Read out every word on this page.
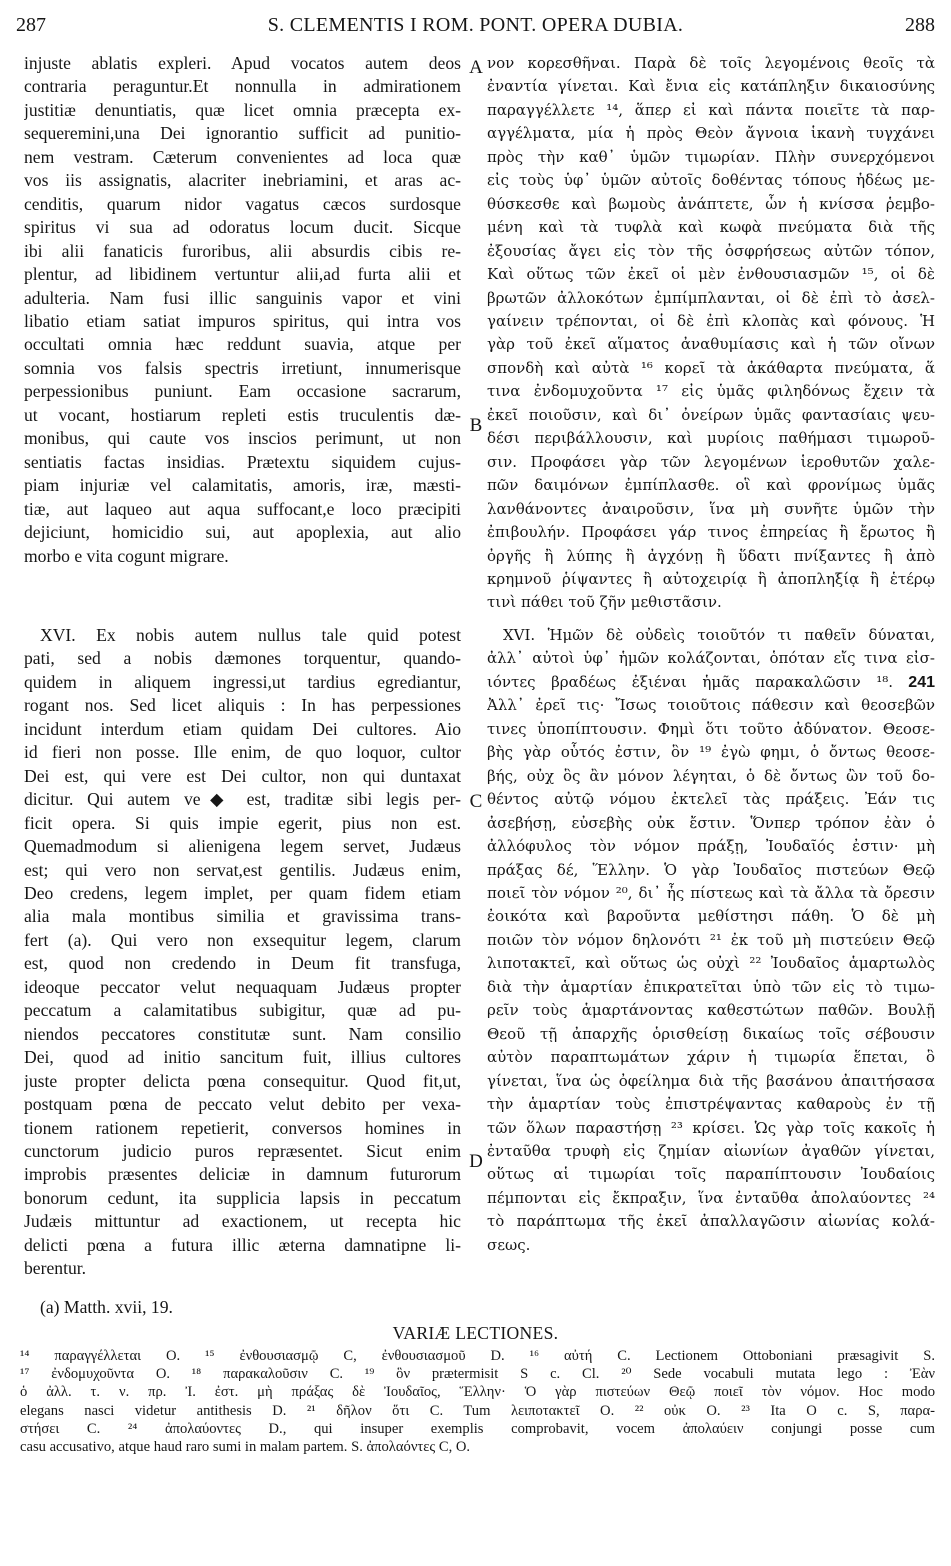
287	S. CLEMENTIS I ROM. PONT. OPERA DUBIA.	288
injuste ablatis expleri. Apud vocatos autem deos
contraria peraguntur.Et nonnulla in admirationem
justitiæ denuntiatis, quæ licet omnia præcepta ex-
sequeremini,una Dei ignorantio sufficit ad punitio-
nem vestram. Cæterum convenientes ad loca quæ
vos iis assignatis, alacriter inebriamini, et aras ac-
cenditis, quarum nidor vagatus cæcos surdosque
spiritus vi sua ad odoratus locum ducit. Sicque
ibi alii fanaticis furoribus, alii absurdis cibis re-
plentur, ad libidinem vertuntur alii,ad furta alii et
adulteria. Nam fusi illic sanguinis vapor et vini
libatio etiam satiat impuros spiritus, qui intra vos
occultati omnia hæc reddunt suavia, atque per
somnia vos falsis spectris irretiunt, innumerisque
perpessionibus puniunt. Eam occasione sacrarum,
ut vocant, hostiarum repleti estis truculentis dæ-
monibus, qui caute vos inscios perimunt, ut non
sentiatis factas insidias. Prætextu siquidem cujus-
piam injuriæ vel calamitatis, amoris, iræ, mæsti-
tiæ, aut laqueo aut aqua suffocant,e loco præcipiti
dejiciunt, homicidio sui, aut apoplexia, aut alio
morbo e vita cogunt migrare.
νον κορεσθῆναι. Παρὰ δὲ τοῖς λεγομένοις θεοῖς τὰ
ἐναντία γίνεται. Καὶ ἔνια εἰς κατάπληξιν δικαιοσύνης
παραγγέλλετε ¹⁴, ἅπερ εἰ καὶ πάντα ποιεῖτε τὰ παρ-
αγγέλματα, μία ἡ πρὸς Θεὸν ἄγνοια ἱκανὴ τυγχάνει
πρὸς τὴν καθ᾽ ὑμῶν τιμωρίαν. Πλὴν συνερχόμενοι
εἰς τοὺς ὑφ᾽ ὑμῶν αὐτοῖς δοθέντας τόπους ἡδέως με-
θύσκεσθε καὶ βωμοὺς ἀνάπτετε, ὧν ἡ κνίσσα ῥεμβο-
μένη καὶ τὰ τυφλὰ καὶ κωφὰ πνεύματα διὰ τῆς
ἐξουσίας ἄγει εἰς τὸν τῆς ὀσφρήσεως αὐτῶν τόπον,
Καὶ οὕτως τῶν ἐκεῖ οἱ μὲν ἐνθουσιασμῶν ¹⁵, οἱ δὲ
βρωτῶν ἀλλοκότων ἐμπίμπλανται, οἱ δὲ ἐπὶ τὸ ἀσελ-
γαίνειν τρέπονται, οἱ δὲ ἐπὶ κλοπὰς καὶ φόνους. Ἡ
γὰρ τοῦ ἐκεῖ αἵματος ἀναθυμίασις καὶ ἡ τῶν οἴνων
σπονδὴ καὶ αὐτὰ ¹⁶ κορεῖ τὰ ἀκάθαρτα πνεύματα, ἅ
τινα ἐνδομυχοῦντα ¹⁷ εἰς ὑμᾶς φιληδόνως ἔχειν τὰ
ἐκεῖ ποιοῦσιν, καὶ δι᾽ ὀνείρων ὑμᾶς φαντασίαις ψευ-
δέσι περιβάλλουσιν, καὶ μυρίοις παθήμασι τιμωροῦ-
σιν. Προφάσει γὰρ τῶν λεγομένων ἱεροθυτῶν χαλε-
πῶν δαιμόνων ἐμπίπλασθε. οἳ καὶ φρονίμως ὑμᾶς
λανθάνοντες ἀναιροῦσιν, ἵνα μὴ συνῆτε ὑμῶν τὴν
ἐπιβουλήν. Προφάσει γάρ τινος ἐπηρείας ἢ ἔρωτος ἢ
ὀργῆς ἢ λύπης ἢ ἀγχόνῃ ἢ ὕδατι πνίξαντες ἢ ἀπὸ
κρημνοῦ ῥίψαντες ἢ αὐτοχειρίᾳ ἢ ἀποπληξίᾳ ἢ ἑτέρῳ
τινὶ πάθει τοῦ ζῆν μεθιστᾶσιν.
XVI. Ex nobis autem nullus tale quid potest
pati, sed a nobis dæmones torquentur, quando-
quidem in aliquem ingressi,ut tardius egrediantur,
rogant nos. Sed licet aliquis : In has perpessiones
incidunt interdum etiam quidam Dei cultores. Aio
id fieri non posse. Ille enim, de quo loquor, cultor
Dei est, qui vere est Dei cultor, non qui duntaxat
dicitur. Qui autem ve◆ est, traditæ sibi legis per-
ficit opera. Si quis impie egerit, pius non est.
Quemadmodum si alienigena legem servet, Judæus
est; qui vero non servat,est gentilis. Judæus enim,
Deo credens, legem implet, per quam fidem etiam
alia mala montibus similia et gravissima trans-
fert (a). Qui vero non exsequitur legem, clarum
est, quod non credendo in Deum fit transfuga,
ideoque peccator velut nequaquam Judæus propter
peccatum a calamitatibus subigitur, quæ ad pu-
niendos peccatores constitutæ sunt. Nam consilio
Dei, quod ad initio sancitum fuit, illius cultores
juste propter delicta pœna consequitur. Quod fit,ut,
postquam pœna de peccato velut debito per vexa-
tionem rationem repetierit, conversos homines in
cunctorum judicio puros repræsentet. Sicut enim
improbis præsentes deliciæ in damnum futurorum
bonorum cedunt, ita supplicia lapsis in peccatum
Judæis mittuntur ad exactionem, ut recepta hic
delicti pœna a futura illic æterna damnatipne li-
berentur.
XVI. Ἡμῶν δὲ οὐδεὶς τοιοῦτόν τι παθεῖν δύναται,
ἀλλ᾽ αὐτοὶ ὑφ᾽ ἡμῶν κολάζονται, ὁπόταν εἴς τινα εἰσ-
ιόντες βραδέως ἐξιέναι ἡμᾶς παρακαλῶσιν ¹⁸. 241
Ἀλλ᾽ ἐρεῖ τις· Ἴσως τοιοῦτοις πάθεσιν καὶ θεοσεβῶν
τινες ὑποπίπτουσιν. Φημὶ ὅτι τοῦτο ἀδύνατον. Θεοσε-
βὴς γὰρ οὗτός ἐστιν, ὃν ¹⁹ ἐγὼ φημι, ὁ ὄντως θεοσε-
βής, οὐχ ὃς ἂν μόνον λέγηται, ὁ δὲ ὄντως ὢν τοῦ δο-
θέντος αὐτῷ νόμου ἐκτελεῖ τὰς πράξεις. Ἐάν τις
ἀσεβήσῃ, εὐσεβὴς οὐκ ἔστιν. Ὅνπερ τρόπον ἐὰν ὁ
ἀλλόφυλος τὸν νόμον πράξῃ, Ἰουδαῖός ἐστιν· μὴ
πράξας δέ, Ἕλλην. Ὁ γὰρ Ἰουδαῖος πιστεύων Θεῷ
ποιεῖ τὸν νόμον ²⁰, δι᾽ ἧς πίστεως καὶ τὰ ἄλλα τὰ ὄρεσιν
ἐοικότα καὶ βαροῦντα μεθίστησι πάθη. Ὁ δὲ μὴ
ποιῶν τὸν νόμον δηλονότι ²¹ ἐκ τοῦ μὴ πιστεύειν Θεῷ
λιποτακτεῖ, καὶ οὕτως ὡς οὐχὶ ²² Ἰουδαῖος ἁμαρτωλὸς
διὰ τὴν ἁμαρτίαν ἐπικρατεῖται ὑπὸ τῶν εἰς τὸ τιμω-
ρεῖν τοὺς ἁμαρτάνοντας καθεστώτων παθῶν. Βουλῇ
Θεοῦ τῇ ἀπαρχῆς ὁρισθείσῃ δικαίως τοῖς σέβουσιν
αὐτὸν παραπτωμάτων χάριν ἡ τιμωρία ἕπεται, ὃ
γίνεται, ἵνα ὡς ὀφείλημα διὰ τῆς βασάνου ἀπαιτήσασα
τὴν ἁμαρτίαν τοὺς ἐπιστρέψαντας καθαροὺς ἐν τῇ
τῶν ὅλων παραστήσῃ ²³ κρίσει. Ὡς γὰρ τοῖς κακοῖς ἡ
ἐνταῦθα τρυφὴ εἰς ζημίαν αἰωνίων ἀγαθῶν γίνεται,
οὕτως αἱ τιμωρίαι τοῖς παραπίπτουσιν Ἰουδαίοις
πέμπονται εἰς ἔκπραξιν, ἵνα ἐνταῦθα ἀπολαύοντες ²⁴
τὸ παράπτωμα τῆς ἐκεῖ ἀπαλλαγῶσιν αἰωνίας κολά-
σεως.
A
B
C
D
(a) Matth. xvii, 19.
VARIÆ LECTIONES.
¹⁴ παραγγέλλεται O. ¹⁵ ἐνθουσιασμῷ C, ἐνθουσιασμοῦ D. ¹⁶ αὐτή C. Lectionem Ottoboniani præsagivit S.
¹⁷ ἐνδομυχοῦντα O. ¹⁸ παρακαλοῦσιν C. ¹⁹ ὃν prætermisit S c. Cl. ²⁰ Sede vocabuli mutata lego : Ἐὰν
ὁ ἀλλ. τ. ν. πρ. Ἰ. ἐστ. μὴ πράξας δὲ Ἰουδαῖος, Ἕλλην· Ὁ γὰρ πιστεύων Θεῷ ποιεῖ τὸν νόμον. Hoc modo
elegans nasci videtur antithesis D. ²¹ δῆλον ὅτι C. Tum λειποτακτεῖ O. ²² οὐκ O. ²³ Ita O c. S, παρα-
στήσει C. ²⁴ ἀπολαύοντες D., qui insuper exemplis comprobavit, vocem ἀπολαύειν conjungi posse cum
casu accusativo, atque haud raro sumi in malam partem. S. ἀπολαόντες C, O.
